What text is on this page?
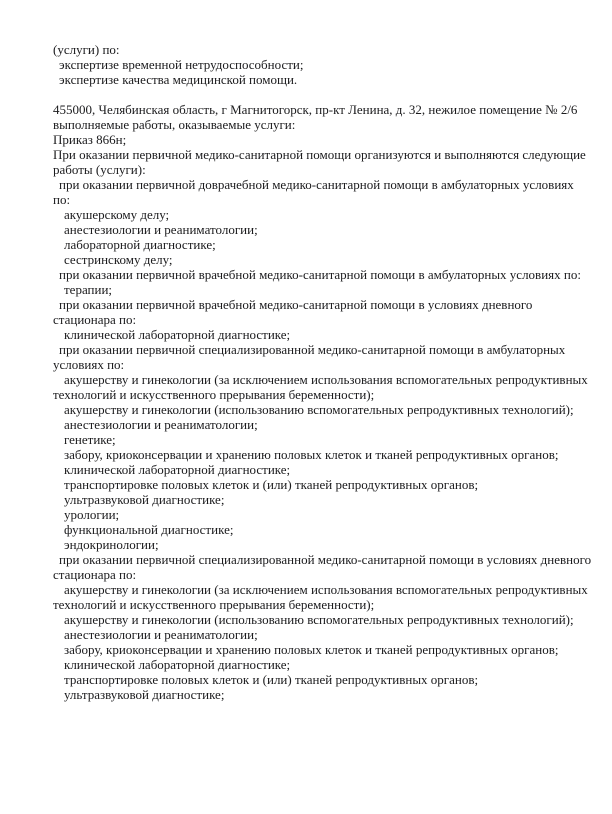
(услуги) по:
экспертизе временной нетрудоспособности;
экспертизе качества медицинской помощи.

455000, Челябинская область, г Магнитогорск, пр-кт Ленина, д. 32, нежилое помещение № 2/6
выполняемые работы, оказываемые услуги:
Приказ 866н;
При оказании первичной медико-санитарной помощи организуются и выполняются следующие
работы (услуги):
при оказании первичной доврачебной медико-санитарной помощи в амбулаторных условиях
по:
акушерскому делу;
анестезиологии и реаниматологии;
лабораторной диагностике;
сестринскому делу;
при оказании первичной врачебной медико-санитарной помощи в амбулаторных условиях по:
терапии;
при оказании первичной врачебной медико-санитарной помощи в условиях дневного
стационара по:
клинической лабораторной диагностике;
при оказании первичной специализированной медико-санитарной помощи в амбулаторных
условиях по:
акушерству и гинекологии (за исключением использования вспомогательных репродуктивных
технологий и искусственного прерывания беременности);
акушерству и гинекологии (использованию вспомогательных репродуктивных технологий);
анестезиологии и реаниматологии;
генетике;
забору, криоконсервации и хранению половых клеток и тканей репродуктивных органов;
клинической лабораторной диагностике;
транспортировке половых клеток и (или) тканей репродуктивных органов;
ультразвуковой диагностике;
урологии;
функциональной диагностике;
эндокринологии;
при оказании первичной специализированной медико-санитарной помощи в условиях дневного
стационара по:
акушерству и гинекологии (за исключением использования вспомогательных репродуктивных
технологий и искусственного прерывания беременности);
акушерству и гинекологии (использованию вспомогательных репродуктивных технологий);
анестезиологии и реаниматологии;
забору, криоконсервации и хранению половых клеток и тканей репродуктивных органов;
клинической лабораторной диагностике;
транспортировке половых клеток и (или) тканей репродуктивных органов;
ультразвуковой диагностике;
